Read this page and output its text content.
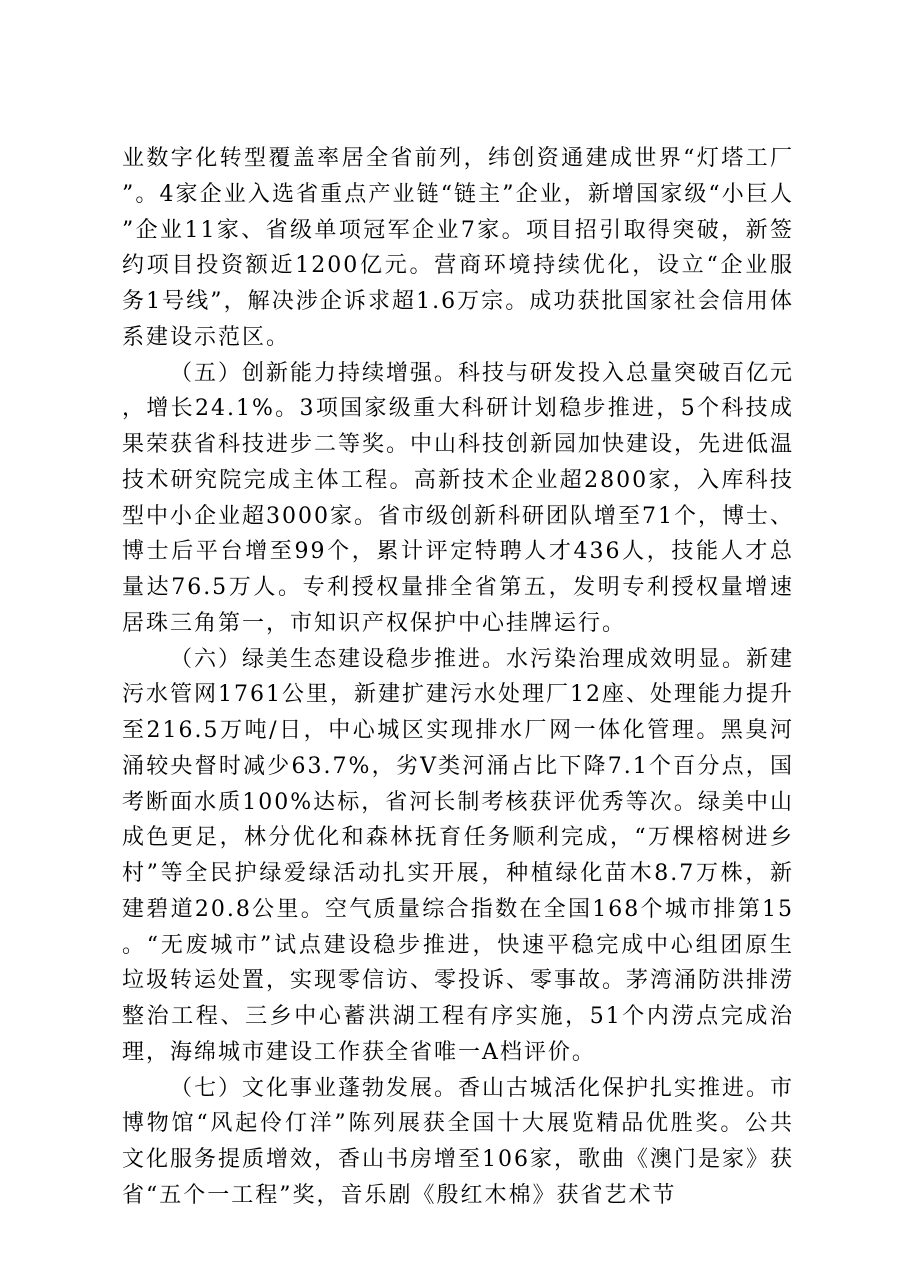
业数字化转型覆盖率居全省前列，纬创资通建成世界“灯塔工厂”。4家企业入选省重点产业链“链主”企业，新增国家级“小巨人”企业11家、省级单项冠军企业7家。项目招引取得突破，新签约项目投资额近1200亿元。营商环境持续优化，设立“企业服务1号线”，解决涉企诉求超1.6万宗。成功获批国家社会信用体系建设示范区。

（五）创新能力持续增强。科技与研发投入总量突破百亿元，增长24.1%。3项国家级重大科研计划稳步推进，5个科技成果荣获省科技进步二等奖。中山科技创新园加快建设，先进低温技术研究院完成主体工程。高新技术企业超2800家，入库科技型中小企业超3000家。省市级创新科研团队增至71个，博士、博士后平台增至99个，累计评定特聘人才436人，技能人才总量达76.5万人。专利授权量排全省第五，发明专利授权量增速居珠三角第一，市知识产权保护中心挂牌运行。

（六）绿美生态建设稳步推进。水污染治理成效明显。新建污水管网1761公里，新建扩建污水处理厂12座、处理能力提升至216.5万吨/日，中心城区实现排水厂网一体化管理。黑臭河涌较央督时减少63.7%，劣V类河涌占比下降7.1个百分点，国考断面水质100%达标，省河长制考核获评优秀等次。绿美中山成色更足，林分优化和森林抚育任务顺利完成，“万棵榕树进乡村”等全民护绿爱绿活动扎实开展，种植绿化苗木8.7万株，新建碧道20.8公里。空气质量综合指数在全国168个城市排第15。“无废城市”试点建设稳步推进，快速平稳完成中心组团原生垃圾转运处置，实现零信访、零投诉、零事故。茅湾涌防洪排涝整治工程、三乡中心蓄洪湖工程有序实施，51个内涝点完成治理，海绵城市建设工作获全省唯一A档评价。

（七）文化事业蓬勃发展。香山古城活化保护扎实推进。市博物馆“风起伶仃洋”陈列展获全国十大展览精品优胜奖。公共文化服务提质增效，香山书房增至106家，歌曲《澳门是家》获省“五个一工程”奖，音乐剧《殷红木棉》获省艺术节
